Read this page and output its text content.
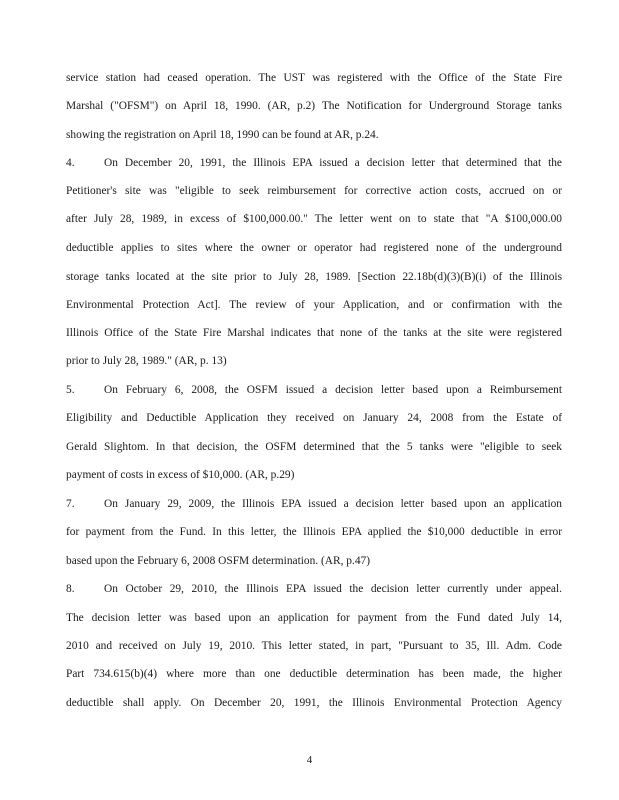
service station had ceased operation. The UST was registered with the Office of the State Fire
Marshal ("OFSM") on April 18, 1990. (AR, p.2) The Notification for Underground Storage tanks
showing the registration on April 18, 1990 can be found at AR, p.24.
4.	On December 20, 1991, the Illinois EPA issued a decision letter that determined that the
Petitioner's site was "eligible to seek reimbursement for corrective action costs, accrued on or
after July 28, 1989, in excess of $100,000.00." The letter went on to state that "A $100,000.00
deductible applies to sites where the owner or operator had registered none of the underground
storage tanks located at the site prior to July 28, 1989. [Section 22.18b(d)(3)(B)(i) of the Illinois
Environmental Protection Act]. The review of your Application, and or confirmation with the
Illinois Office of the State Fire Marshal indicates that none of the tanks at the site were registered
prior to July 28, 1989." (AR, p. 13)
5.	On February 6, 2008, the OSFM issued a decision letter based upon a Reimbursement
Eligibility and Deductible Application they received on January 24, 2008 from the Estate of
Gerald Slightom. In that decision, the OSFM determined that the 5 tanks were "eligible to seek
payment of costs in excess of $10,000. (AR, p.29)
7.	On January 29, 2009, the Illinois EPA issued a decision letter based upon an application
for payment from the Fund. In this letter, the Illinois EPA applied the $10,000 deductible in error
based upon the February 6, 2008 OSFM determination. (AR, p.47)
8.	On October 29, 2010, the Illinois EPA issued the decision letter currently under appeal.
The decision letter was based upon an application for payment from the Fund dated July 14,
2010 and received on July 19, 2010. This letter stated, in part, "Pursuant to 35, Ill. Adm. Code
Part 734.615(b)(4) where more than one deductible determination has been made, the higher
deductible shall apply. On December 20, 1991, the Illinois Environmental Protection Agency
4
